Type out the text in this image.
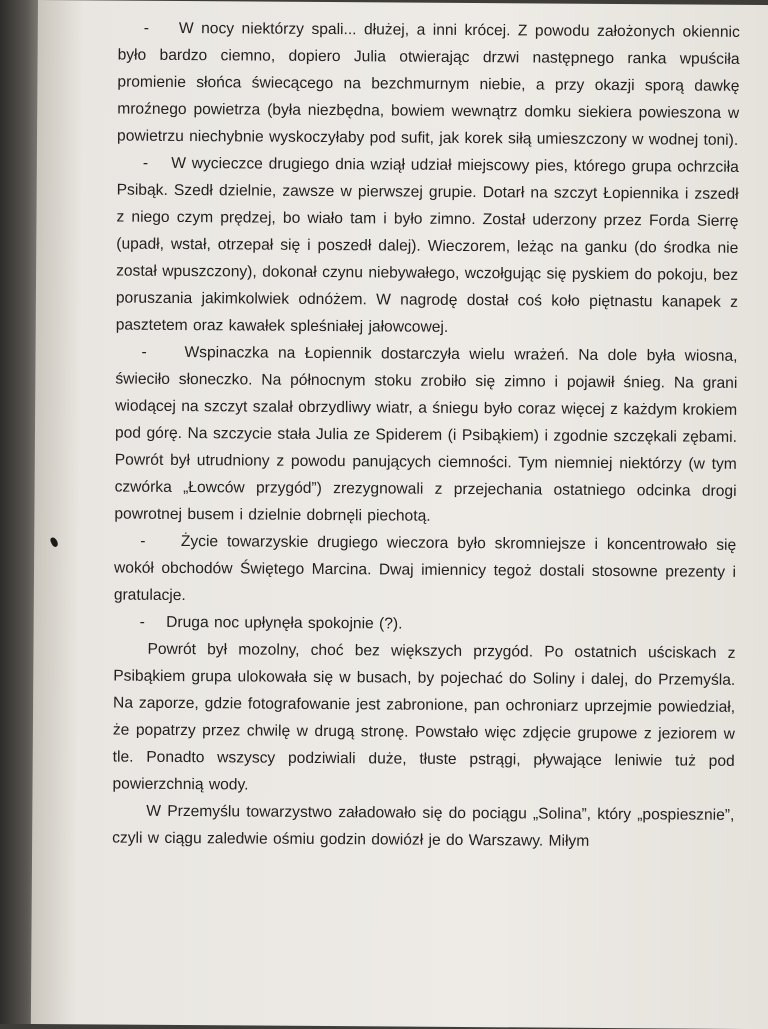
-    W nocy niektórzy spali... dłużej, a inni krócej. Z powodu założonych okiennic było bardzo ciemno, dopiero Julia otwierając drzwi następnego ranka wpuściła promienie słońca świecącego na bezchmurnym niebie, a przy okazji sporą dawkę mroźnego powietrza (była niezbędna, bowiem wewnątrz domku siekiera powieszona w powietrzu niechybnie wyskoczyłaby pod sufit, jak korek siłą umieszczony w wodnej toni).

-    W wycieczce drugiego dnia wziął udział miejscowy pies, którego grupa ochrzciła Psibąk. Szedł dzielnie, zawsze w pierwszej grupie. Dotarł na szczyt Łopiennika i zszedł z niego czym prędzej, bo wiało tam i było zimno. Został uderzony przez Forda Sierrę (upadł, wstał, otrzepał się i poszedł dalej). Wieczorem, leżąc na ganku (do środka nie został wpuszczony), dokonał czynu niebywałego, wczołgując się pyskiem do pokoju, bez poruszania jakimkolwiek odnóżem. W nagrodę dostał coś koło piętnastu kanapek z pasztetem oraz kawałek spleśniałej jałowcowej.

-    Wspinaczka na Łopiennik dostarczyła wielu wrażeń. Na dole była wiosna, świeciło słoneczko. Na północnym stoku zrobiło się zimno i pojawił śnieg. Na grani wiodącej na szczyt szalał obrzydliwy wiatr, a śniegu było coraz więcej z każdym krokiem pod górę. Na szczycie stała Julia ze Spiderem (i Psibąkiem) i zgodnie szczękali zębami. Powrót był utrudniony z powodu panujących ciemności. Tym niemniej niektórzy (w tym czwórka „Łowców przygód”) zrezygnowali z przejechania ostatniego odcinka drogi powrotnej busem i dzielnie dobrnęli piechotą.

-    Życie towarzyskie drugiego wieczora było skromniejsze i koncentrowało się wokół obchodów Świętego Marcina. Dwaj imiennicy tegoż dostali stosowne prezenty i gratulacje.

-    Druga noc upłynęła spokojnie (?).

Powrót był mozolny, choć bez większych przygód. Po ostatnich uściskach z Psibąkiem grupa ulokowała się w busach, by pojechać do Soliny i dalej, do Przemyśla. Na zaporze, gdzie fotografowanie jest zabronione, pan ochroniarz uprzejmie powiedział, że popatrzy przez chwilę w drugą stronę. Powstało więc zdjęcie grupowe z jeziorem w tle. Ponadto wszyscy podziwiali duże, tłuste pstrągi, pływające leniwie tuż pod powierzchnią wody.

W Przemyślu towarzystwo załadowało się do pociągu „Solina”, który „pospiesznie”, czyli w ciągu zaledwie ośmiu godzin dowiózł je do Warszawy. Miłym
